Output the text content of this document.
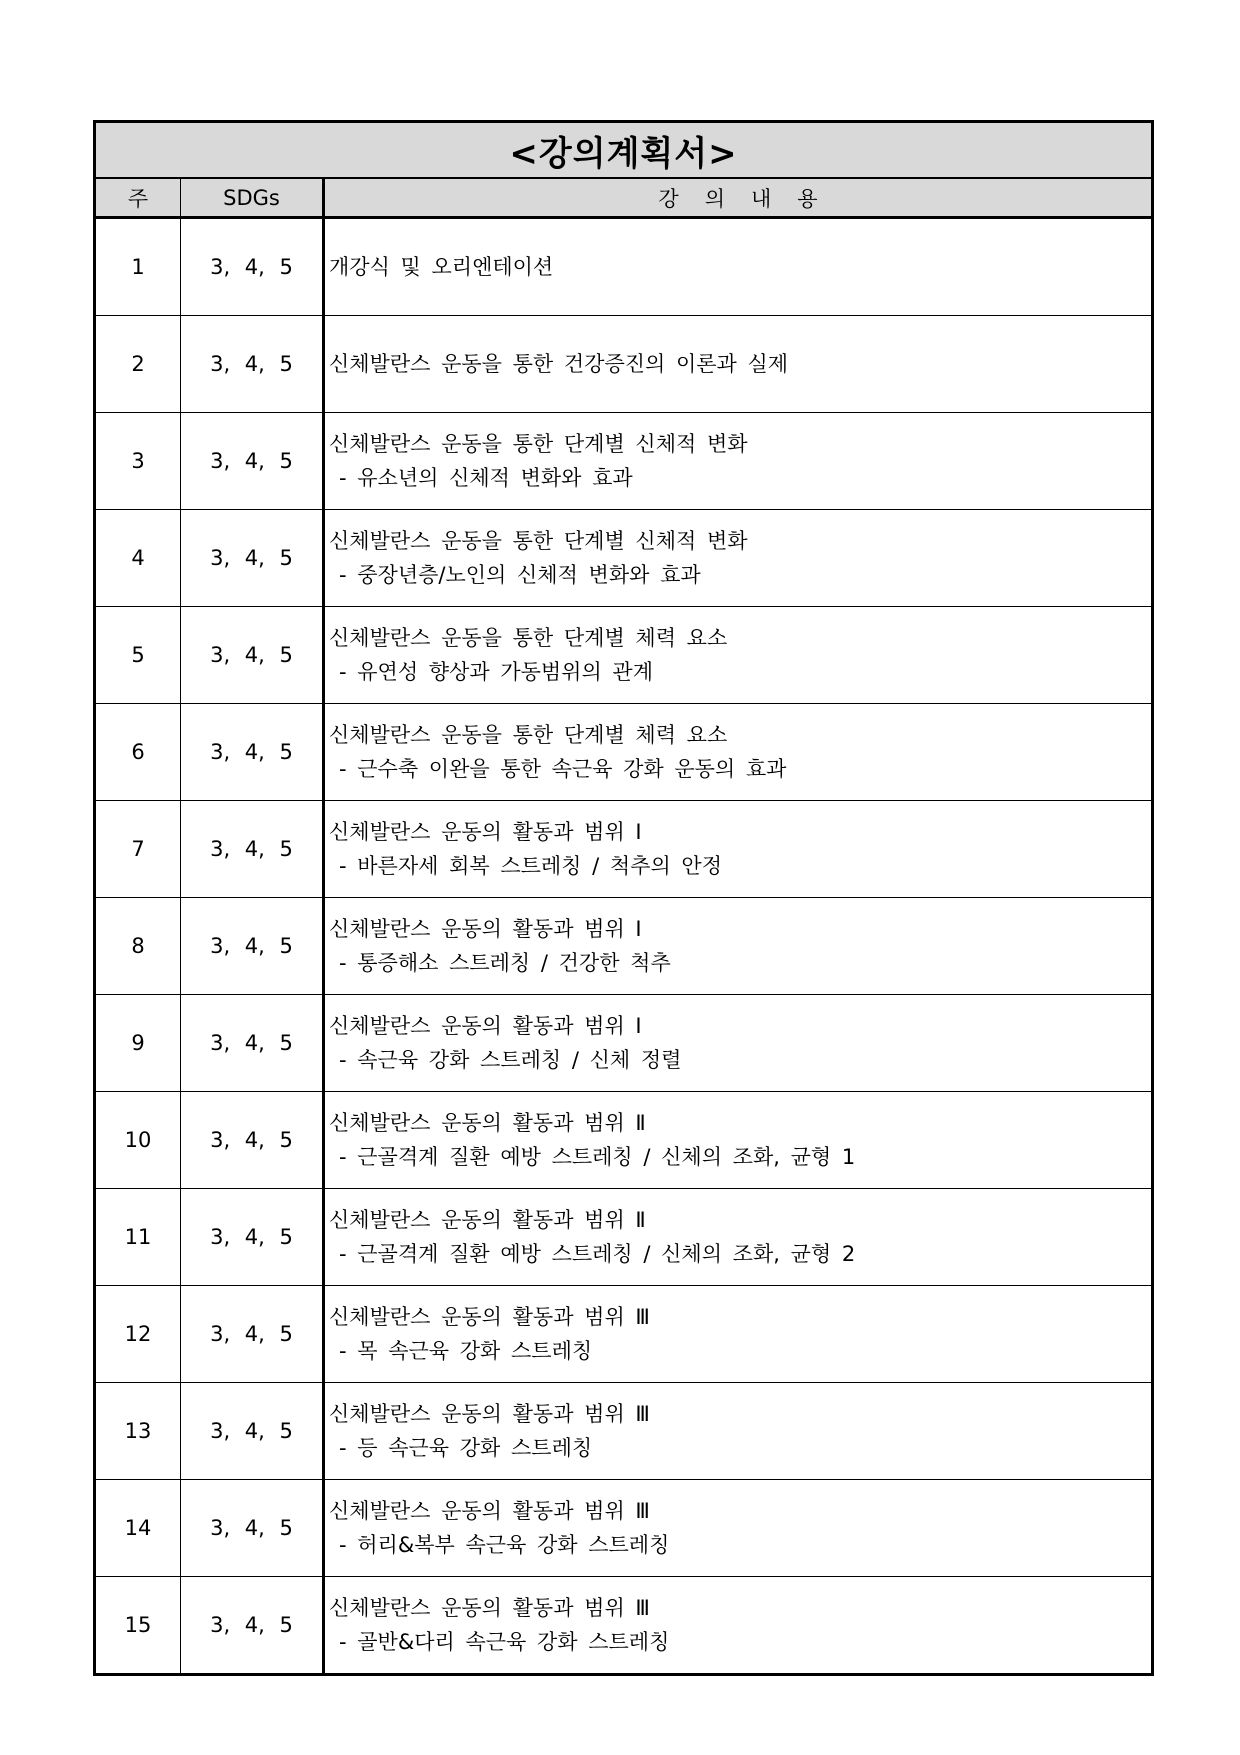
<강의계획서>
주	SDGs	강의내용
1	3, 4, 5	개강식 및 오리엔테이션
2	3, 4, 5	신체발란스 운동을 통한 건강증진의 이론과 실제
3	3, 4, 5
신체발란스 운동을 통한 단계별 신체적 변화
- 유소년의 신체적 변화와 효과
4	3, 4, 5
신체발란스 운동을 통한 단계별 신체적 변화
- 중장년층/노인의 신체적 변화와 효과
5	3, 4, 5
신체발란스 운동을 통한 단계별 체력 요소
- 유연성 향상과 가동범위의 관계
6	3, 4, 5
신체발란스 운동을 통한 단계별 체력 요소
- 근수축 이완을 통한 속근육 강화 운동의 효과
7	3, 4, 5
신체발란스 운동의 활동과 범위 Ⅰ
- 바른자세 회복 스트레칭 / 척추의 안정
8	3, 4, 5
신체발란스 운동의 활동과 범위 Ⅰ
- 통증해소 스트레칭 / 건강한 척추
9	3, 4, 5
신체발란스 운동의 활동과 범위 Ⅰ
- 속근육 강화 스트레칭 / 신체 정렬
10	3, 4, 5
신체발란스 운동의 활동과 범위 Ⅱ
- 근골격계 질환 예방 스트레칭 / 신체의 조화, 균형 1
11	3, 4, 5
신체발란스 운동의 활동과 범위 Ⅱ
- 근골격계 질환 예방 스트레칭 / 신체의 조화, 균형 2
12	3, 4, 5
신체발란스 운동의 활동과 범위 Ⅲ
- 목 속근육 강화 스트레칭
13	3, 4, 5
신체발란스 운동의 활동과 범위 Ⅲ
- 등 속근육 강화 스트레칭
14	3, 4, 5
신체발란스 운동의 활동과 범위 Ⅲ
- 허리&복부 속근육 강화 스트레칭
15	3, 4, 5
신체발란스 운동의 활동과 범위 Ⅲ
- 골반&다리 속근육 강화 스트레칭
